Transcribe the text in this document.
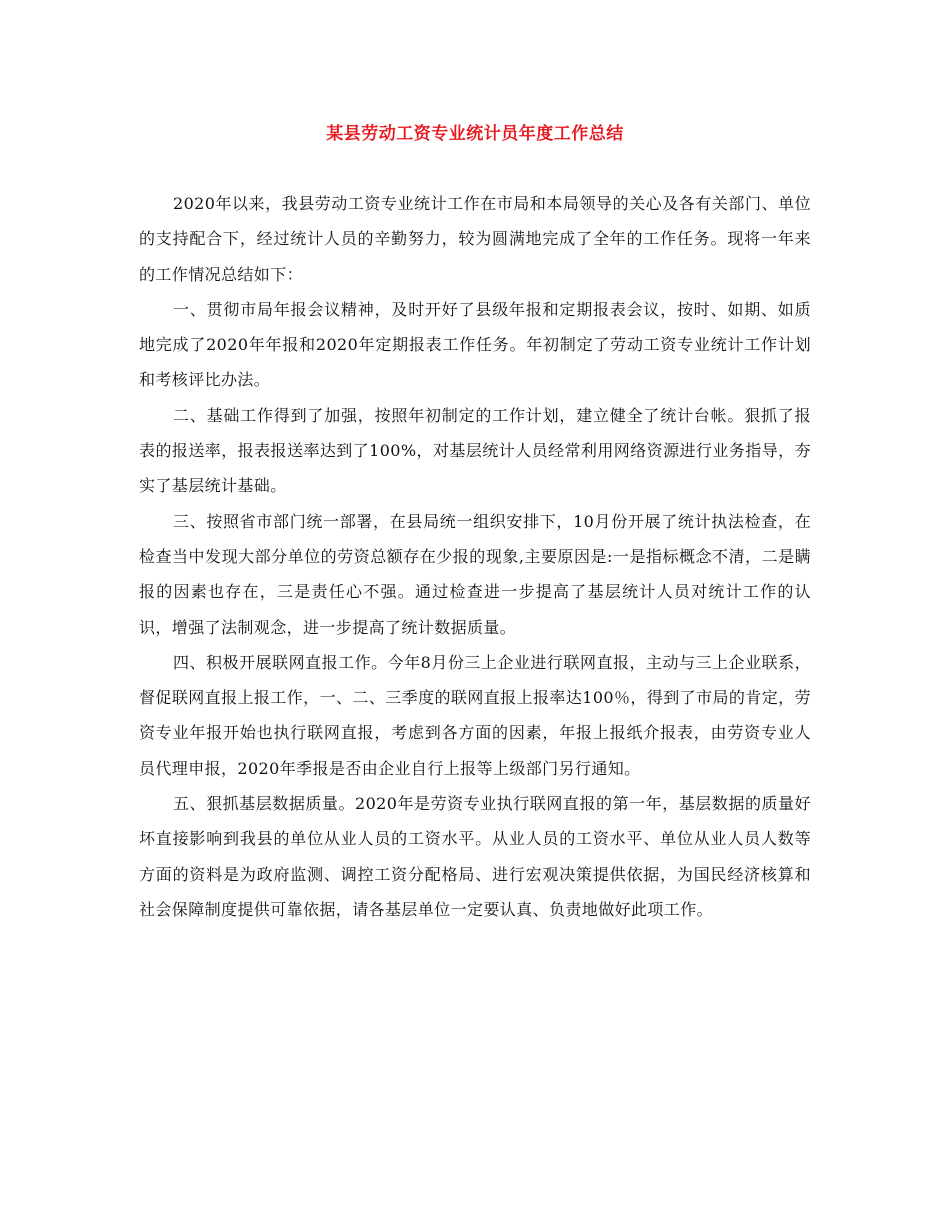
某县劳动工资专业统计员年度工作总结

2020年以来，我县劳动工资专业统计工作在市局和本局领导的关心及各有关部门、单位的支持配合下，经过统计人员的辛勤努力，较为圆满地完成了全年的工作任务。现将一年来的工作情况总结如下：

一、贯彻市局年报会议精神，及时开好了县级年报和定期报表会议，按时、如期、如质地完成了2020年年报和2020年定期报表工作任务。年初制定了劳动工资专业统计工作计划和考核评比办法。

二、基础工作得到了加强，按照年初制定的工作计划，建立健全了统计台帐。狠抓了报表的报送率，报表报送率达到了100%，对基层统计人员经常利用网络资源进行业务指导，夯实了基层统计基础。

三、按照省市部门统一部署，在县局统一组织安排下，10月份开展了统计执法检查，在检查当中发现大部分单位的劳资总额存在少报的现象,主要原因是:一是指标概念不清，二是瞒报的因素也存在，三是责任心不强。通过检查进一步提高了基层统计人员对统计工作的认识，增强了法制观念，进一步提高了统计数据质量。

四、积极开展联网直报工作。今年8月份三上企业进行联网直报，主动与三上企业联系，督促联网直报上报工作，一、二、三季度的联网直报上报率达100％，得到了市局的肯定，劳资专业年报开始也执行联网直报，考虑到各方面的因素，年报上报纸介报表，由劳资专业人员代理申报，2020年季报是否由企业自行上报等上级部门另行通知。

五、狠抓基层数据质量。2020年是劳资专业执行联网直报的第一年，基层数据的质量好坏直接影响到我县的单位从业人员的工资水平。从业人员的工资水平、单位从业人员人数等方面的资料是为政府监测、调控工资分配格局、进行宏观决策提供依据，为国民经济核算和社会保障制度提供可靠依据，请各基层单位一定要认真、负责地做好此项工作。
